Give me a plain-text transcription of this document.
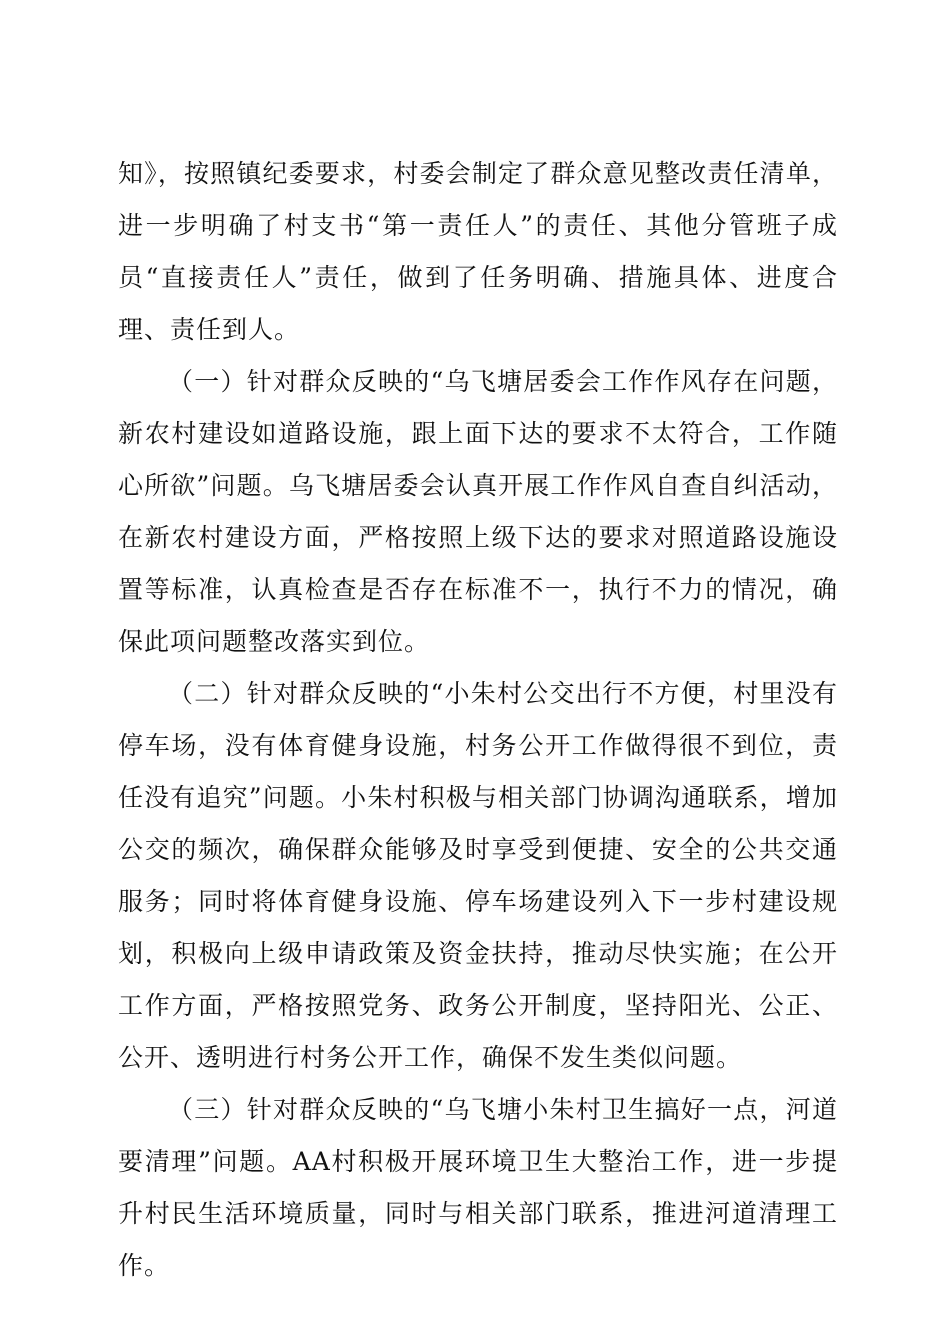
知》，按照镇纪委要求，村委会制定了群众意见整改责任清单，进一步明确了村支书“第一责任人”的责任、其他分管班子成员“直接责任人”责任，做到了任务明确、措施具体、进度合理、责任到人。

（一）针对群众反映的“乌飞塘居委会工作作风存在问题，新农村建设如道路设施，跟上面下达的要求不太符合，工作随心所欲”问题。乌飞塘居委会认真开展工作作风自查自纠活动，在新农村建设方面，严格按照上级下达的要求对照道路设施设置等标准，认真检查是否存在标准不一，执行不力的情况，确保此项问题整改落实到位。

（二）针对群众反映的“小朱村公交出行不方便，村里没有停车场，没有体育健身设施，村务公开工作做得很不到位，责任没有追究”问题。小朱村积极与相关部门协调沟通联系，增加公交的频次，确保群众能够及时享受到便捷、安全的公共交通服务；同时将体育健身设施、停车场建设列入下一步村建设规划，积极向上级申请政策及资金扶持，推动尽快实施；在公开工作方面，严格按照党务、政务公开制度，坚持阳光、公正、公开、透明进行村务公开工作，确保不发生类似问题。

（三）针对群众反映的“乌飞塘小朱村卫生搞好一点，河道要清理”问题。AA村积极开展环境卫生大整治工作，进一步提升村民生活环境质量，同时与相关部门联系，推进河道清理工作。
